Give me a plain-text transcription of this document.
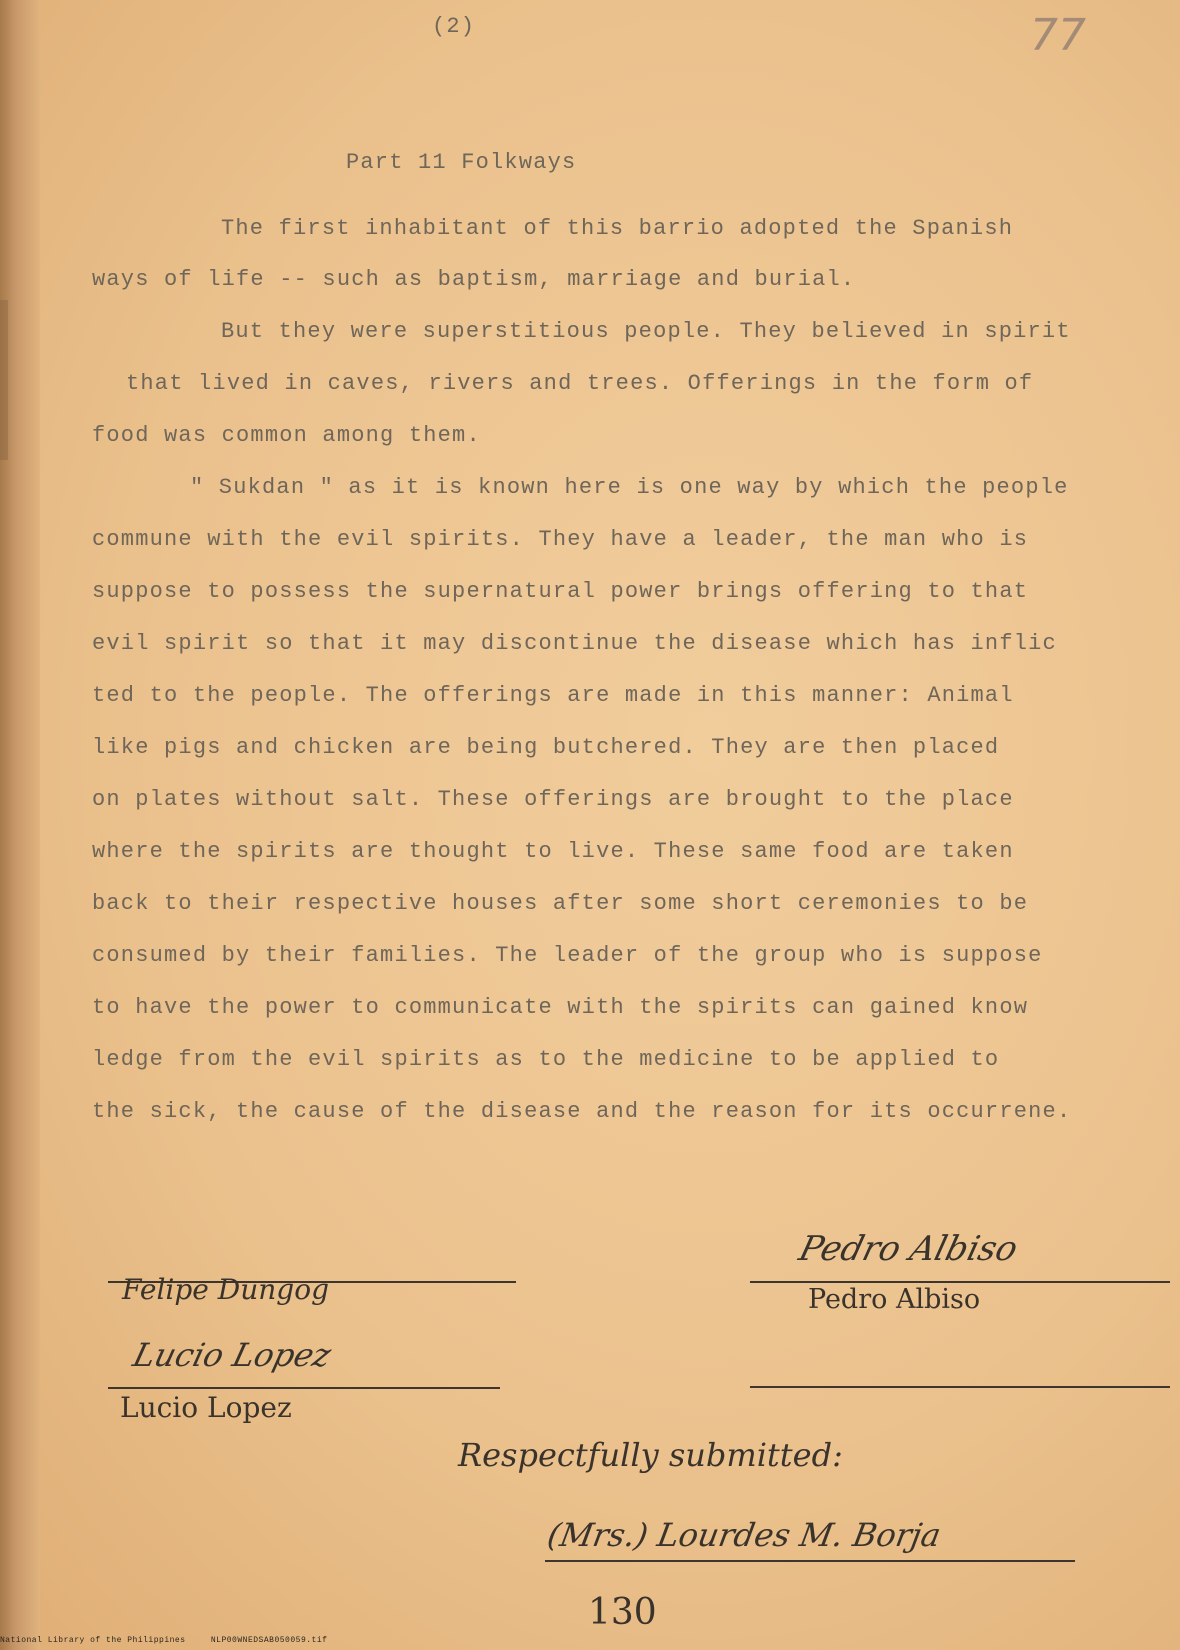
(2)	77
Part 11 Folkways
The first inhabitant of this barrio adopted the Spanish
ways of life -- such as baptism, marriage and burial.
But they were superstitious people. They believed in spirit
that lived in caves, rivers and trees. Offerings in the form of
food was common among them.
" Sukdan " as it is known here is one way by which the people
commune with the evil spirits. They have a leader, the man who is
suppose to possess the supernatural power brings offering to that
evil spirit so that it may discontinue the disease which has inflic
ted to the people. The offerings are made in this manner: Animal
like pigs and chicken are being butchered. They are then placed
on plates without salt. These offerings are brought to the place
where the spirits are thought to live. These same food are taken
back to their respective houses after some short ceremonies to be
consumed by their families. The leader of the group who is suppose
to have the power to communicate with the spirits can gained know
ledge from the evil spirits as to the medicine to be applied to
the sick, the cause of the disease and the reason for its occurrene.
Felipe Dungog
Lucio Lopez
Lucio Lopez
Pedro Albiso
Pedro Albiso
Respectfully submitted:
(Mrs.) Lourdes M. Borja
130
National Library of the Philippines	NLP00WNEDSAB050059.tif
